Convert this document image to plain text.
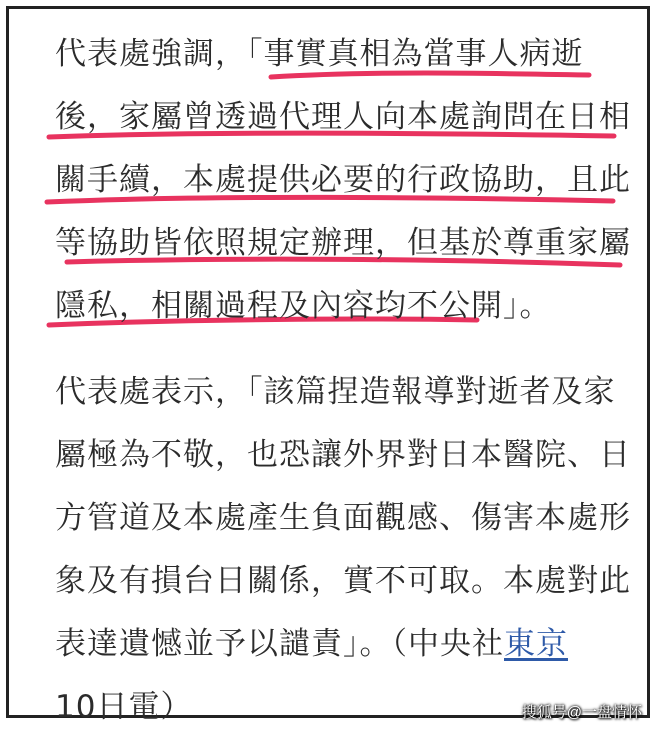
代表處強調，「事實真相為當事人病逝
後，家屬曾透過代理人向本處詢問在日相
關手續，本處提供必要的行政協助，且此
等協助皆依照規定辦理，但基於尊重家屬
隱私，相關過程及內容均不公開」。
代表處表示，「該篇捏造報導對逝者及家
屬極為不敬，也恐讓外界對日本醫院、日
方管道及本處產生負面觀感、傷害本處形
象及有損台日關係，實不可取。本處對此
表達遺憾並予以譴責」。（中央社東京
10日電）	搜狐号@一盘情怀
